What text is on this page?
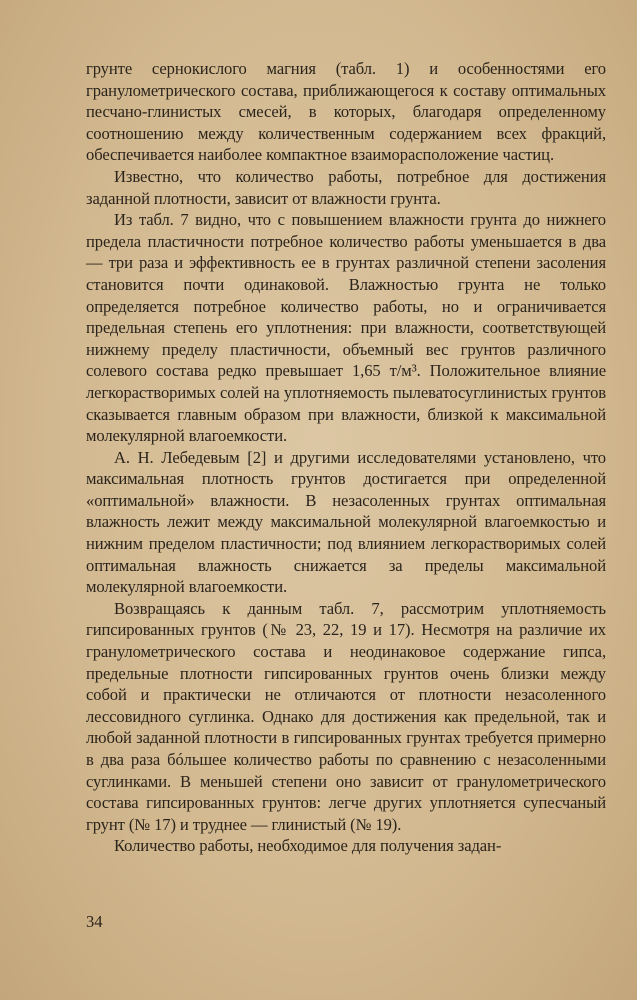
грунте сернокислого магния (табл. 1) и особенностями его гранулометрического состава, приближающегося к составу оптимальных песчано-глинистых смесей, в которых, благодаря определенному соотношению между количественным содержанием всех фракций, обеспечивается наиболее компактное взаиморасположение частиц.

Известно, что количество работы, потребное для достижения заданной плотности, зависит от влажности грунта.

Из табл. 7 видно, что с повышением влажности грунта до нижнего предела пластичности потребное количество работы уменьшается в два — три раза и эффективность ее в грунтах различной степени засоления становится почти одинаковой. Влажностью грунта не только определяется потребное количество работы, но и ограничивается предельная степень его уплотнения: при влажности, соответствующей нижнему пределу пластичности, объемный вес грунтов различного солевого состава редко превышает 1,65 т/м³. Положительное влияние легкорастворимых солей на уплотняемость пылеватосуглинистых грунтов сказывается главным образом при влажности, близкой к максимальной молекулярной влагоемкости.

А. Н. Лебедевым [2] и другими исследователями установлено, что максимальная плотность грунтов достигается при определенной «оптимальной» влажности. В незасоленных грунтах оптимальная влажность лежит между максимальной молекулярной влагоемкостью и нижним пределом пластичности; под влиянием легкорастворимых солей оптимальная влажность снижается за пределы максимальной молекулярной влагоемкости.

Возвращаясь к данным табл. 7, рассмотрим уплотняемость гипсированных грунтов (№ 23, 22, 19 и 17). Несмотря на различие их гранулометрического состава и неодинаковое содержание гипса, предельные плотности гипсированных грунтов очень близки между собой и практически не отличаются от плотности незасоленного лессовидного суглинка. Однако для достижения как предельной, так и любой заданной плотности в гипсированных грунтах требуется примерно в два раза бóльшее количество работы по сравнению с незасоленными суглинками. В меньшей степени оно зависит от гранулометрического состава гипсированных грунтов: легче других уплотняется супесчаный грунт (№ 17) и труднее — глинистый (№ 19).

Количество работы, необходимое для получения задан-

34
